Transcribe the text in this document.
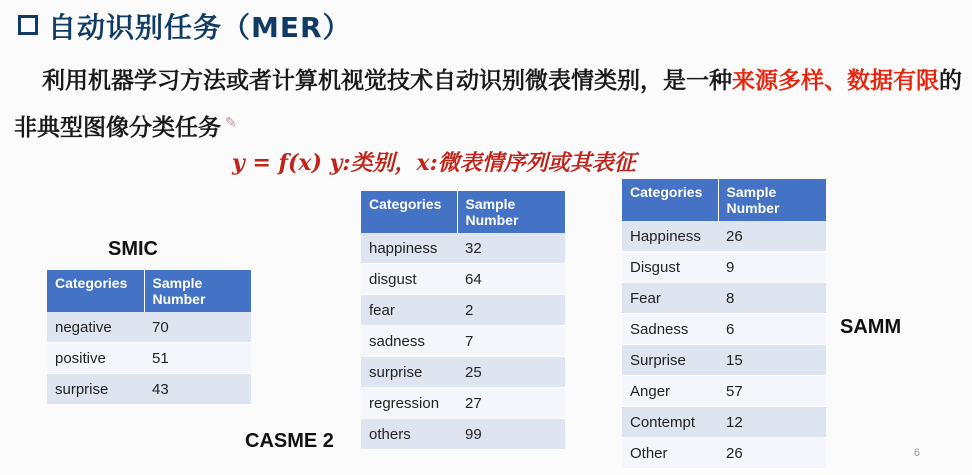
自动识别任务（MER）

利用机器学习方法或者计算机视觉技术自动识别微表情类别，是一种来源多样、数据有限的非典型图像分类任务 ✎

y = f(x) y:类别，x:微表情序列或其表征

SMIC
Categories	Sample Number
negative	70
positive	51
surprise	43
Categories	Sample Number
happiness	32
disgust	64
fear	2
sadness	7
surprise	25
regression	27
others	99
CASME 2
Categories	Sample Number
Happiness	26
Disgust	9
Fear	8
Sadness	6
Surprise	15
Anger	57
Contempt	12
Other	26
SAMM
6
